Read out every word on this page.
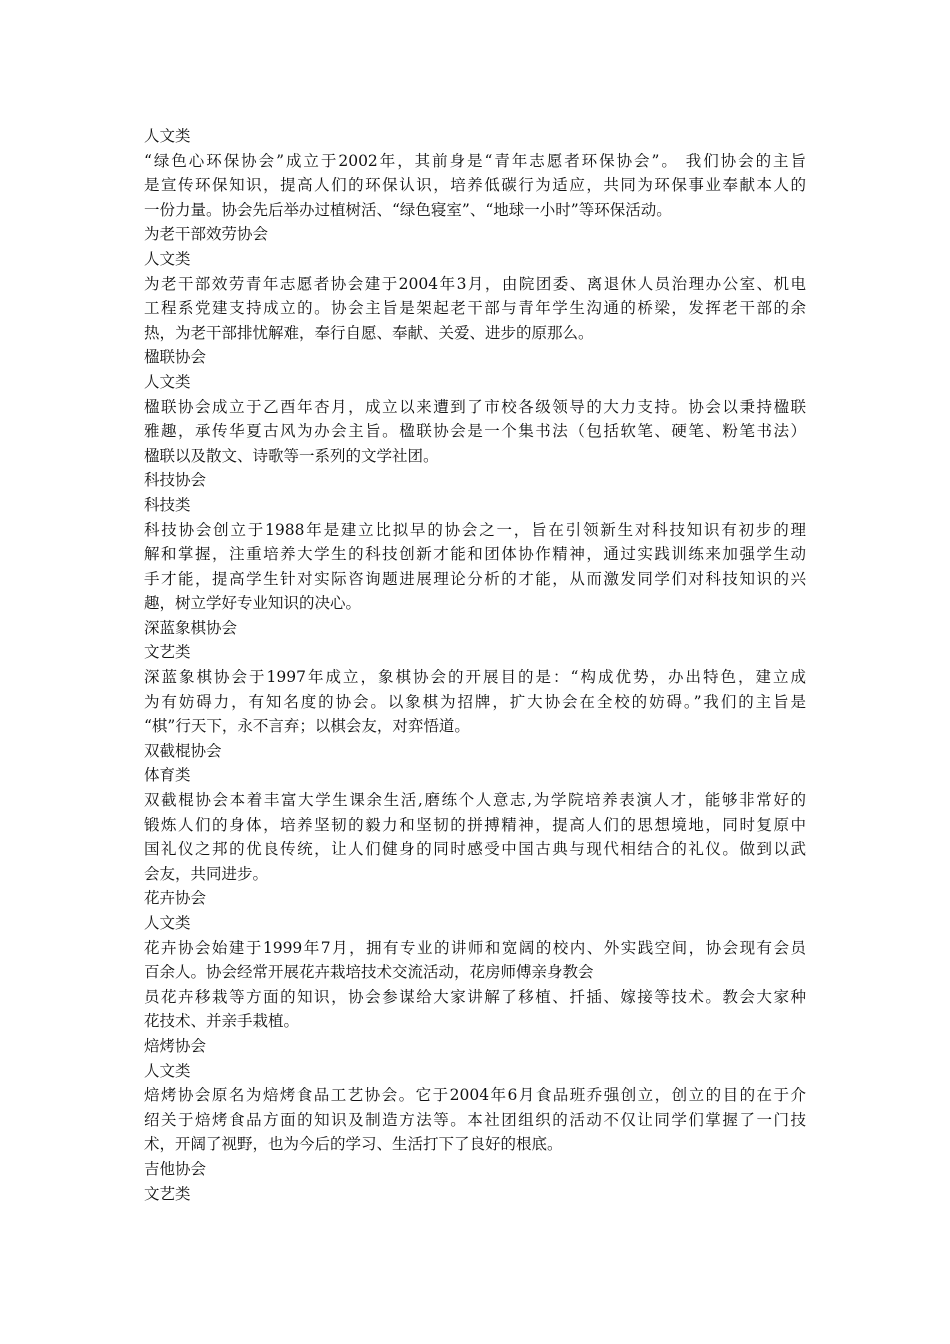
人文类
“绿色心环保协会”成立于2002年，其前身是“青年志愿者环保协会”。 我们协会的主旨
是宣传环保知识，提高人们的环保认识，培养低碳行为适应，共同为环保事业奉献本人的
一份力量。协会先后举办过植树活、“绿色寝室”、“地球一小时”等环保活动。
为老干部效劳协会
人文类
为老干部效劳青年志愿者协会建于2004年3月，由院团委、离退休人员治理办公室、机电
工程系党建支持成立的。协会主旨是架起老干部与青年学生沟通的桥梁，发挥老干部的余
热，为老干部排忧解难，奉行自愿、奉献、关爱、进步的原那么。
楹联协会
人文类
楹联协会成立于乙酉年杏月，成立以来遭到了市校各级领导的大力支持。协会以秉持楹联
雅趣，承传华夏古风为办会主旨。楹联协会是一个集书法（包括软笔、硬笔、粉笔书法）
楹联以及散文、诗歌等一系列的文学社团。
科技协会
科技类
科技协会创立于1988年是建立比拟早的协会之一，旨在引领新生对科技知识有初步的理
解和掌握，注重培养大学生的科技创新才能和团体协作精神，通过实践训练来加强学生动
手才能，提高学生针对实际咨询题进展理论分析的才能，从而激发同学们对科技知识的兴
趣，树立学好专业知识的决心。
深蓝象棋协会
文艺类
深蓝象棋协会于1997年成立，象棋协会的开展目的是：“构成优势，办出特色，建立成
为有妨碍力，有知名度的协会。以象棋为招牌，扩大协会在全校的妨碍。”我们的主旨是
“棋”行天下，永不言弃；以棋会友，对弈悟道。
双截棍协会
体育类
双截棍协会本着丰富大学生课余生活,磨练个人意志,为学院培养表演人才，能够非常好的
锻炼人们的身体，培养坚韧的毅力和坚韧的拼搏精神，提高人们的思想境地，同时复原中
国礼仪之邦的优良传统，让人们健身的同时感受中国古典与现代相结合的礼仪。做到以武
会友，共同进步。
花卉协会
人文类
花卉协会始建于1999年7月，拥有专业的讲师和宽阔的校内、外实践空间，协会现有会员
百余人。协会经常开展花卉栽培技术交流活动，花房师傅亲身教会
员花卉移栽等方面的知识，协会参谋给大家讲解了移植、扦插、嫁接等技术。教会大家种
花技术、并亲手栽植。
焙烤协会
人文类
焙烤协会原名为焙烤食品工艺协会。它于2004年6月食品班乔强创立，创立的目的在于介
绍关于焙烤食品方面的知识及制造方法等。本社团组织的活动不仅让同学们掌握了一门技
术，开阔了视野，也为今后的学习、生活打下了良好的根底。
吉他协会
文艺类
